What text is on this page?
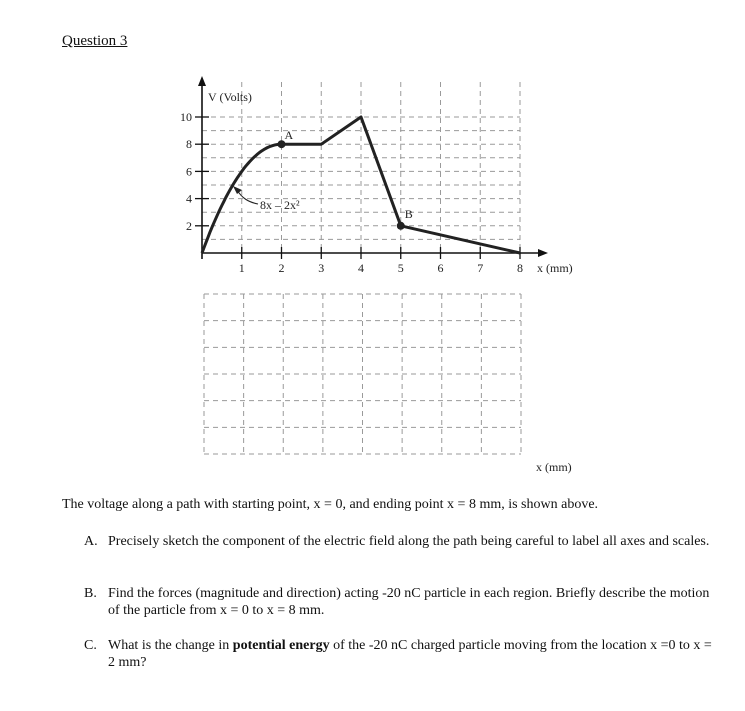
Question 3
1	2	3	4	5	6	7	8
2
4
6
8
10
V (Volts)
x (mm)
A
B
8x – 2x²
x (mm)
The voltage along a path with starting point, x = 0, and ending point x = 8 mm, is shown above.
A. Precisely sketch the component of the electric field along the path being careful to label all axes and scales.
B. Find the forces (magnitude and direction) acting -20 nC particle in each region. Briefly describe the motion of the particle from x = 0 to x = 8 mm.
C. What is the change in potential energy of the -20 nC charged particle moving from the location x =0 to x = 2 mm?
